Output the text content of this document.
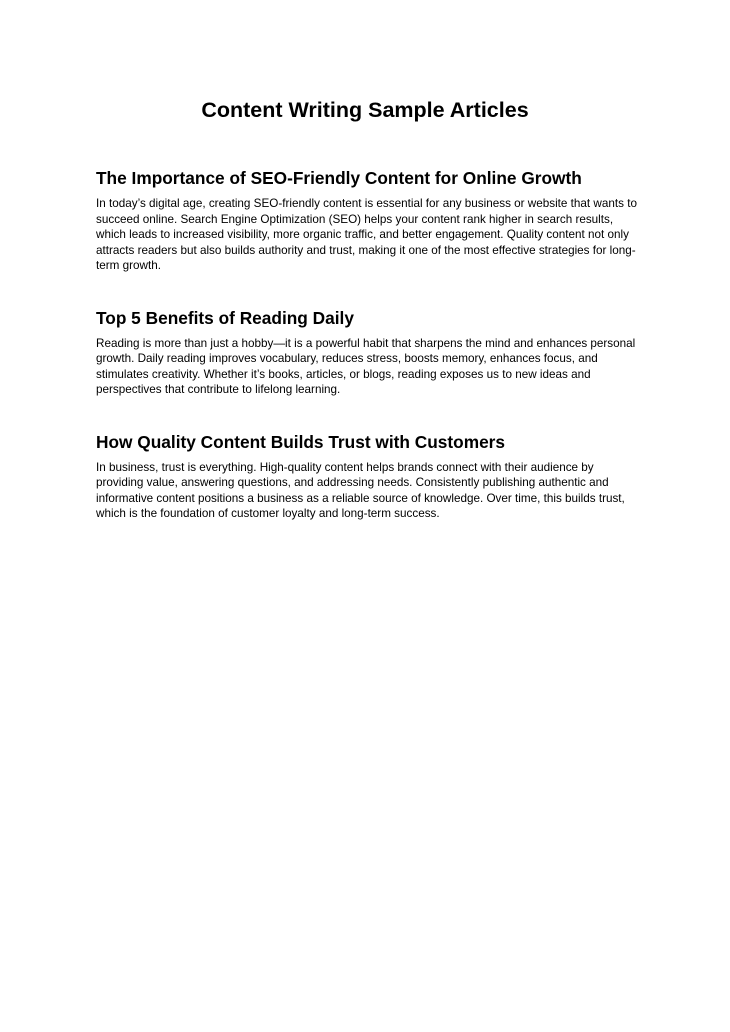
Content Writing Sample Articles
The Importance of SEO-Friendly Content for Online Growth

In today’s digital age, creating SEO-friendly content is essential for any business or website that wants to succeed online. Search Engine Optimization (SEO) helps your content rank higher in search results, which leads to increased visibility, more organic traffic, and better engagement. Quality content not only attracts readers but also builds authority and trust, making it one of the most effective strategies for long-term growth.

Top 5 Benefits of Reading Daily

Reading is more than just a hobby—it is a powerful habit that sharpens the mind and enhances personal growth. Daily reading improves vocabulary, reduces stress, boosts memory, enhances focus, and stimulates creativity. Whether it’s books, articles, or blogs, reading exposes us to new ideas and perspectives that contribute to lifelong learning.

How Quality Content Builds Trust with Customers

In business, trust is everything. High-quality content helps brands connect with their audience by providing value, answering questions, and addressing needs. Consistently publishing authentic and informative content positions a business as a reliable source of knowledge. Over time, this builds trust, which is the foundation of customer loyalty and long-term success.
